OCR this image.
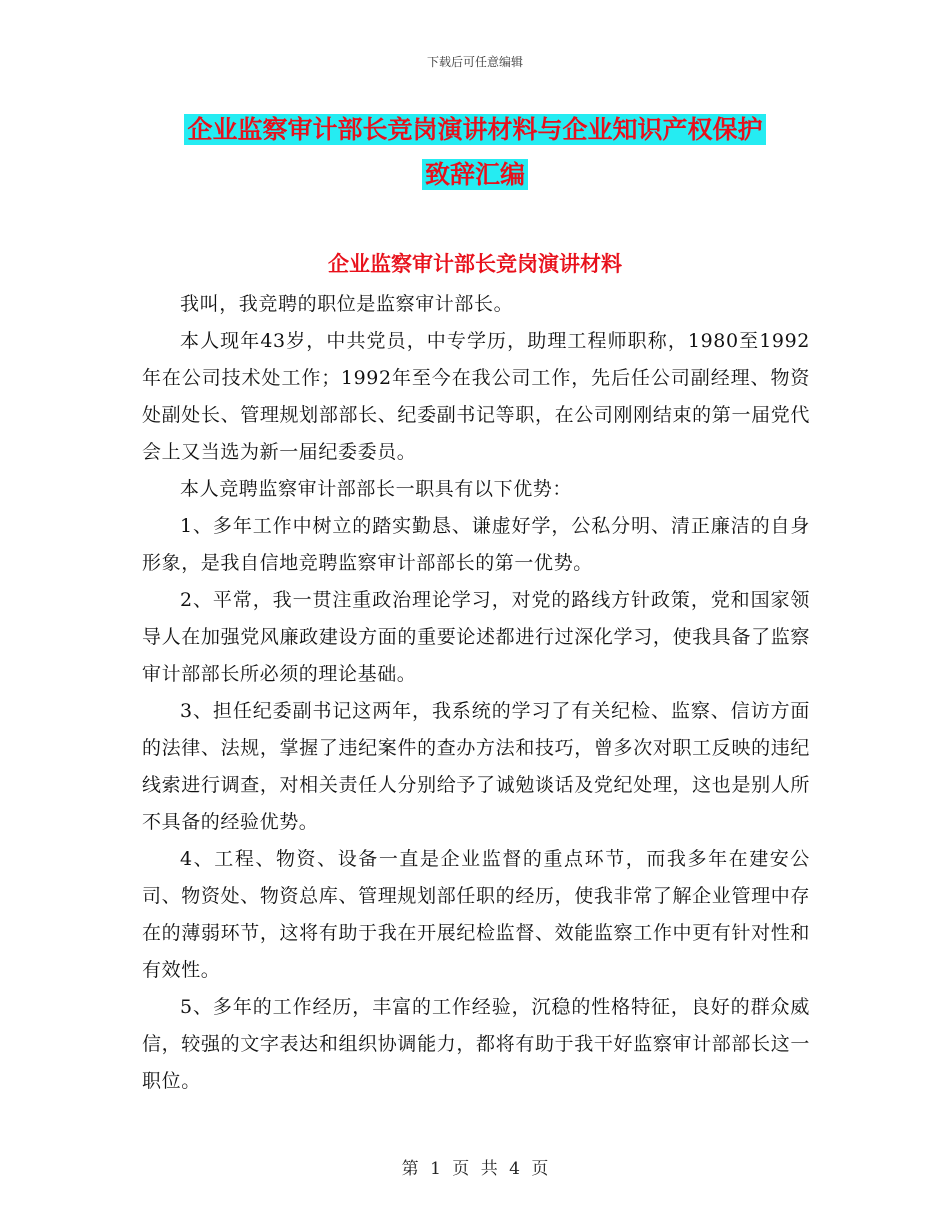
下载后可任意编辑
企业监察审计部长竞岗演讲材料与企业知识产权保护
致辞汇编
企业监察审计部长竞岗演讲材料

我叫，我竞聘的职位是监察审计部长。

本人现年43岁，中共党员，中专学历，助理工程师职称，1980至1992年在公司技术处工作；1992年至今在我公司工作，先后任公司副经理、物资处副处长、管理规划部部长、纪委副书记等职，在公司刚刚结束的第一届党代会上又当选为新一届纪委委员。

本人竞聘监察审计部部长一职具有以下优势：

1、多年工作中树立的踏实勤恳、谦虚好学，公私分明、清正廉洁的自身形象，是我自信地竞聘监察审计部部长的第一优势。

2、平常，我一贯注重政治理论学习，对党的路线方针政策，党和国家领导人在加强党风廉政建设方面的重要论述都进行过深化学习，使我具备了监察审计部部长所必须的理论基础。

3、担任纪委副书记这两年，我系统的学习了有关纪检、监察、信访方面的法律、法规，掌握了违纪案件的查办方法和技巧，曾多次对职工反映的违纪线索进行调查，对相关责任人分别给予了诚勉谈话及党纪处理，这也是别人所不具备的经验优势。

4、工程、物资、设备一直是企业监督的重点环节，而我多年在建安公司、物资处、物资总库、管理规划部任职的经历，使我非常了解企业管理中存在的薄弱环节，这将有助于我在开展纪检监督、效能监察工作中更有针对性和有效性。

5、多年的工作经历，丰富的工作经验，沉稳的性格特征，良好的群众威信，较强的文字表达和组织协调能力，都将有助于我干好监察审计部部长这一职位。

第 1 页 共 4 页
